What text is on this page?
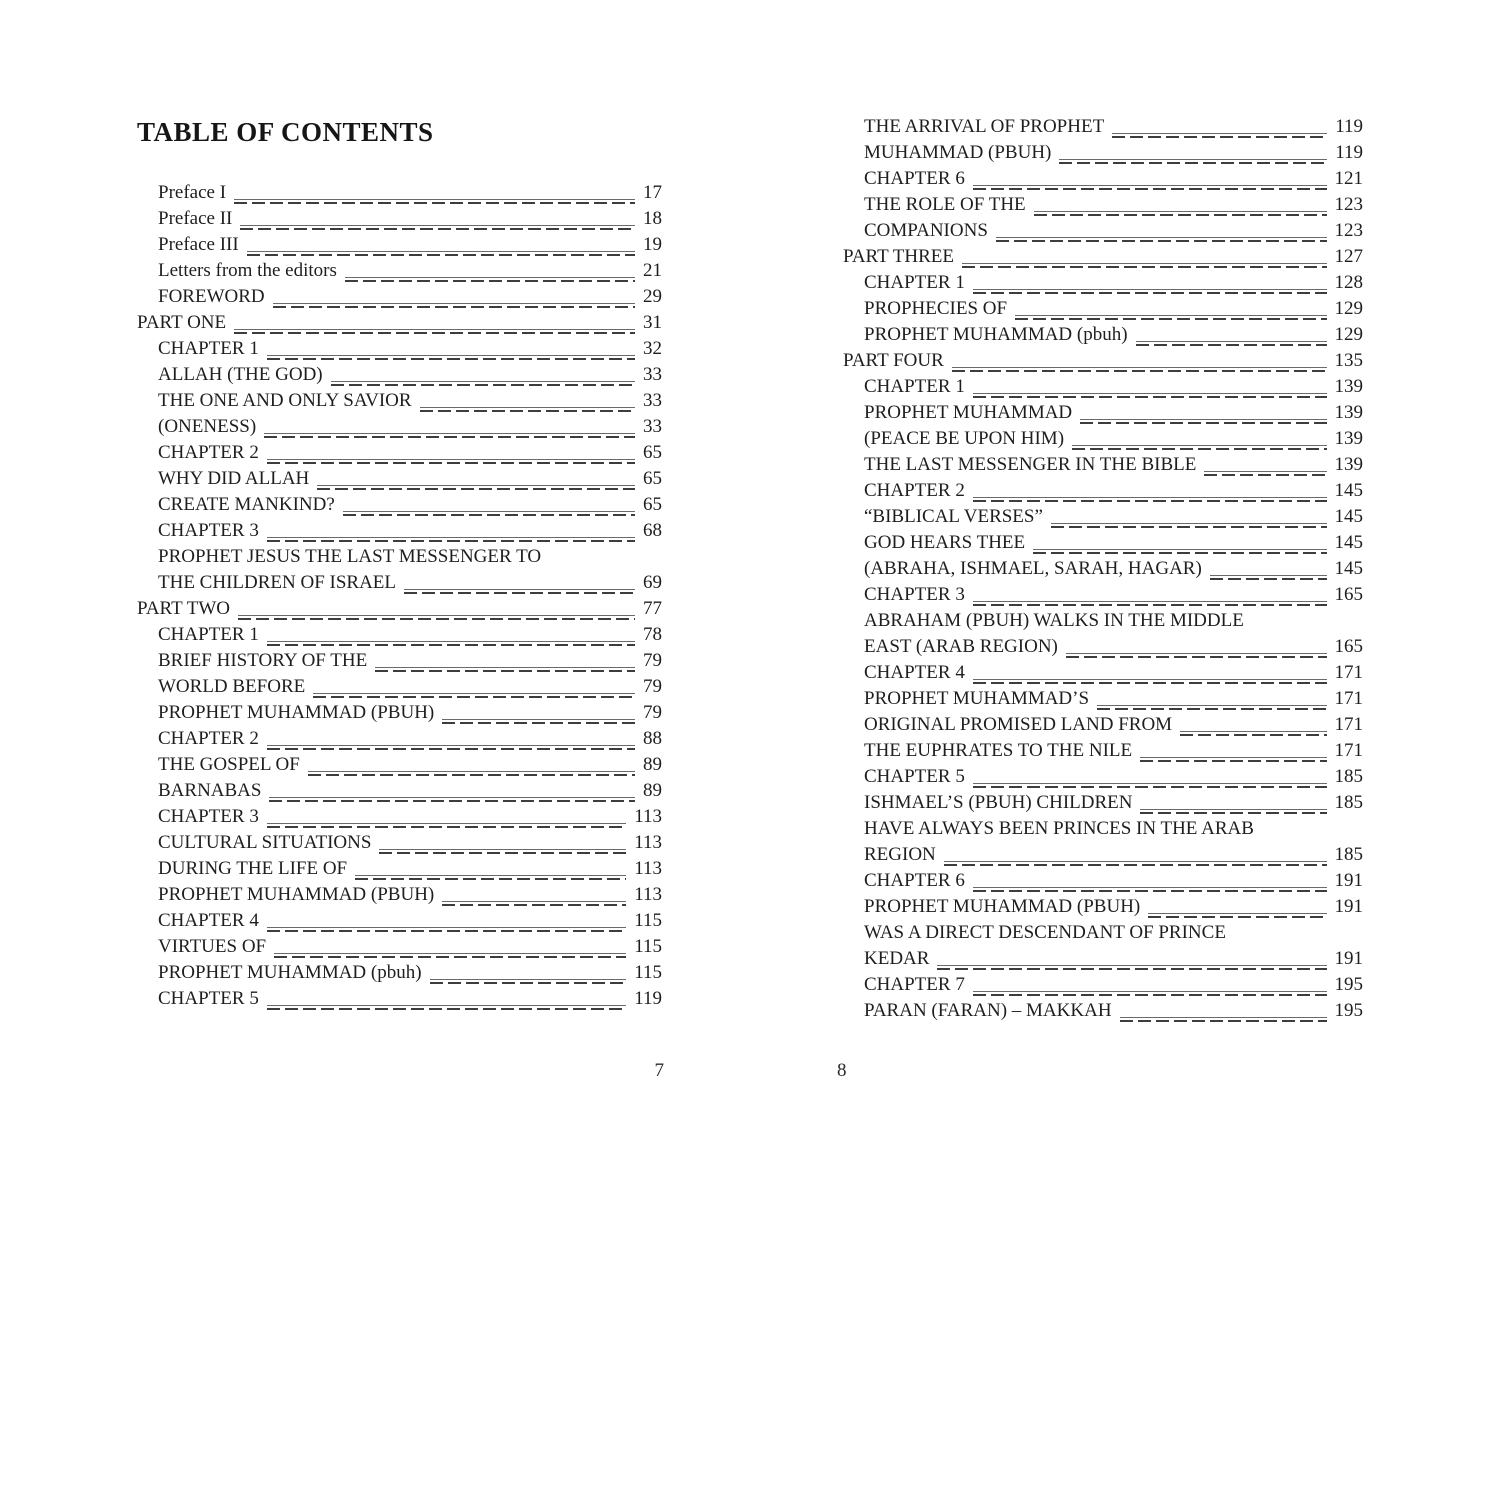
TABLE OF CONTENTS
Preface I	17
Preface II	18
Preface III	19
Letters from the editors	21
FOREWORD	29
PART ONE	31
CHAPTER 1	32
ALLAH (THE GOD)	33
THE ONE AND ONLY SAVIOR	33
(ONENESS)	33
CHAPTER 2	65
WHY DID ALLAH	65
CREATE MANKIND?	65
CHAPTER 3	68
PROPHET JESUS THE LAST MESSENGER TO
THE CHILDREN OF ISRAEL	69
PART TWO	77
CHAPTER 1	78
BRIEF HISTORY OF THE	79
WORLD BEFORE	79
PROPHET MUHAMMAD (PBUH)	79
CHAPTER 2	88
THE GOSPEL OF	89
BARNABAS	89
CHAPTER 3	113
CULTURAL SITUATIONS	113
DURING THE LIFE OF	113
PROPHET MUHAMMAD (PBUH)	113
CHAPTER 4	115
VIRTUES OF	115
PROPHET MUHAMMAD (pbuh)	115
CHAPTER 5	119
THE ARRIVAL OF PROPHET	119
MUHAMMAD (PBUH)	119
CHAPTER 6	121
THE ROLE OF THE	123
COMPANIONS	123
PART THREE	127
CHAPTER 1	128
PROPHECIES OF	129
PROPHET MUHAMMAD (pbuh)	129
PART FOUR	135
CHAPTER 1	139
PROPHET MUHAMMAD	139
(PEACE BE UPON HIM)	139
THE LAST MESSENGER IN THE BIBLE	139
CHAPTER 2	145
“BIBLICAL VERSES”	145
GOD HEARS THEE	145
(ABRAHA, ISHMAEL, SARAH, HAGAR)	145
CHAPTER 3	165
ABRAHAM (PBUH) WALKS IN THE MIDDLE
EAST (ARAB REGION)	165
CHAPTER 4	171
PROPHET MUHAMMAD’S	171
ORIGINAL PROMISED LAND FROM	171
THE EUPHRATES TO THE NILE	171
CHAPTER 5	185
ISHMAEL’S (PBUH) CHILDREN	185
HAVE ALWAYS BEEN PRINCES IN THE ARAB
REGION	185
CHAPTER 6	191
PROPHET MUHAMMAD (PBUH)	191
WAS A DIRECT DESCENDANT OF PRINCE
KEDAR	191
CHAPTER 7	195
PARAN (FARAN) – MAKKAH	195
7	8
